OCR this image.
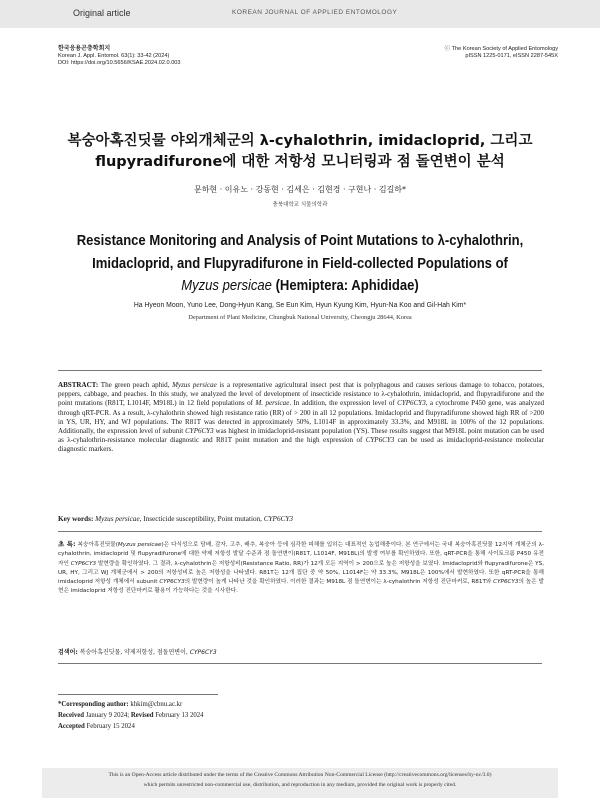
Original article	KOREAN JOURNAL OF APPLIED ENTOMOLOGY
한국응용곤충학회지
Korean J. Appl. Entomol. 63(1): 33-42 (2024)
DOI: https://doi.org/10.5656/KSAE.2024.02.0.003
ⓒ The Korean Society of Applied Entomology
pISSN 1225-0171, eISSN 2287-545X
복숭아혹진딧물 야외개체군의 λ-cyhalothrin, imidacloprid, 그리고
flupyradifurone에 대한 저항성 모니터링과 점 돌연변이 분석
문하현 · 이유노 · 강동현 · 김세은 · 김현경 · 구현나 · 김길하*
충북대학교 식물의학과
Resistance Monitoring and Analysis of Point Mutations to λ-cyhalothrin,
Imidacloprid, and Flupyradifurone in Field-collected Populations of
Myzus persicae (Hemiptera: Aphididae)
Ha Hyeon Moon, Yuno Lee, Dong-Hyun Kang, Se Eun Kim, Hyun Kyung Kim, Hyun-Na Koo and Gil-Hah Kim*
Department of Plant Medicine, Chungbuk National University, Cheongju 28644, Korea
ABSTRACT: The green peach aphid, Myzus persicae is a representative agricultural insect pest that is polyphagous and causes serious damage to tobacco, potatoes, peppers, cabbage, and peaches. In this study, we analyzed the level of development of insecticide resistance to λ-cyhalothrin, imidacloprid, and flupyradifurone and the point mutations (R81T, L1014F, M918L) in 12 field populations of M. persicae. In addition, the expression level of CYP6CY3, a cytochrome P450 gene, was analyzed through qRT-PCR. As a result, λ-cyhalothrin showed high resistance ratio (RR) of > 200 in all 12 populations. Imidacloprid and flupyradifurone showed high RR of >200 in YS, UR, HY, and WJ populations. The R81T was detected in approximately 50%, L1014F in approximately 33.3%, and M918L in 100% of the 12 populations. Additionally, the expression level of subunit CYP6CY3 was highest in imidacloprid-resistant population (YS). These results suggest that M918L point mutation can be used as λ-cyhalothrin-resistance molecular diagnostic and R81T point mutation and the high expression of CYP6CY3 can be used as imidacloprid-resistance molecular diagnostic markers.
Key words: Myzus persicae, Insecticide susceptibility, Point mutation, CYP6CY3
초 록: 복숭아혹진딧물(Myzus persicae)은 다식성으로 담배, 감자, 고추, 배추, 복숭아 등에 심각한 피해를 입히는 대표적인 농업해충이다. 본 연구에서는 국내 복숭아혹진딧물 12지역 개체군의 λ-cyhalothrin, imidacloprid 및 flupyradifurone에 대한 약제 저항성 발달 수준과 점 돌연변이(R81T, L1014F, M918L)의 발생 여부를 확인하였다. 또한, qRT-PCR을 통해 사이토크롬 P450 유전자인 CYP6CY3 발현량을 확인하였다. 그 결과, λ-cyhalothrin은 저항성비(Resistance Ratio, RR)가 12개 모든 지역이 > 200으로 높은 저항성을 보였다. Imidacloprid와 flupyradifurone은 YS, UR, HY, 그리고 WJ 개체군에서 > 200의 저항성비로 높은 저항성을 나타냈다. R81T는 12개 집단 중 약 50%, L1014F는 약 33.3%, M918L은 100%에서 발현하였다. 또한 qRT-PCR을 통해 imidacloprid 저항성 개체에서 subunit CYP6CY3의 발현량이 높게 나타난 것을 확인하였다. 이러한 결과는 M918L 점 돌연변이는 λ-cyhalothrin 저항성 진단마커로, R81T와 CYP6CY3의 높은 발현은 imidacloprid 저항성 진단마커로 활용이 가능하다는 것을 시사한다.
검색어: 복숭아혹진딧물, 약제저항성, 점돌연변이, CYP6CY3
*Corresponding author: khkim@cbnu.ac.kr
Received January 9 2024; Revised February 13 2024
Accepted February 15 2024
This is an Open-Access article distributed under the terms of the Creative Commons Attribution Non-Commercial License (http://creativecommons.org/licenses/by-nc/3.0)
which permits unrestricted non-commercial use, distribution, and reproduction in any medium, provided the original work is properly cited.
